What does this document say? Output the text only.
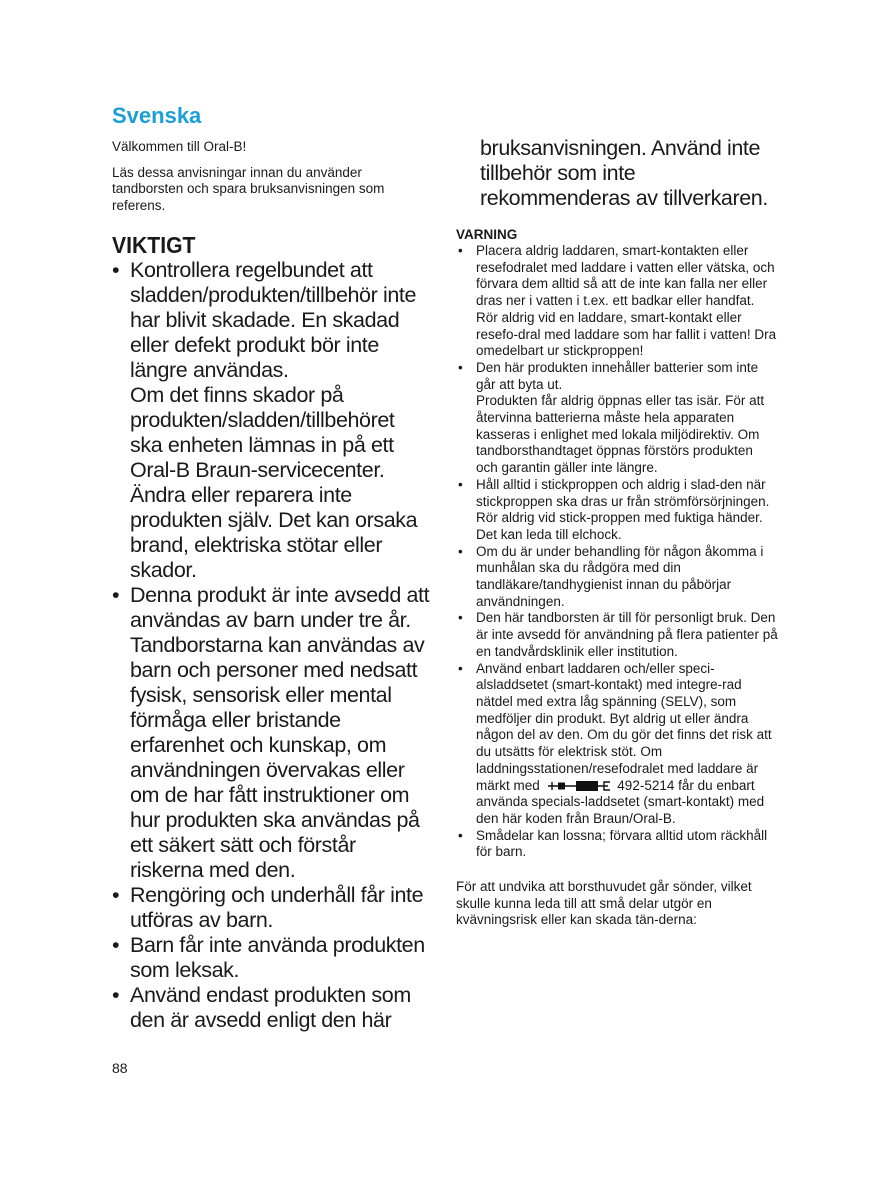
Svenska

Välkommen till Oral-B!

Läs dessa anvisningar innan du använder tandborsten och spara bruksanvisningen som referens.

VIKTIGT
• Kontrollera regelbundet att sladden/produkten/tillbehör inte har blivit skadade. En skadad eller defekt produkt bör inte längre användas.
Om det finns skador på produkten/sladden/tillbehöret ska enheten lämnas in på ett Oral-B Braun-servicecenter. Ändra eller reparera inte produkten själv. Det kan orsaka brand, elektriska stötar eller skador.
• Denna produkt är inte avsedd att användas av barn under tre år. Tandborstarna kan användas av barn och personer med nedsatt fysisk, sensorisk eller mental förmåga eller bristande erfarenhet och kunskap, om användningen övervakas eller om de har fått instruktioner om hur produkten ska användas på ett säkert sätt och förstår riskerna med den.
• Rengöring och underhåll får inte utföras av barn.
• Barn får inte använda produkten som leksak.
• Använd endast produkten som den är avsedd enligt den här

bruksanvisningen. Använd inte tillbehör som inte rekommenderas av tillverkaren.

VARNING
• Placera aldrig laddaren, smart-kontakten eller resefodralet med laddare i vatten eller vätska, och förvara dem alltid så att de inte kan falla ner eller dras ner i vatten i t.ex. ett badkar eller handfat. Rör aldrig vid en laddare, smart-kontakt eller resefo-dral med laddare som har fallit i vatten! Dra omedelbart ur stickproppen!
• Den här produkten innehåller batterier som inte går att byta ut.
Produkten får aldrig öppnas eller tas isär. För att återvinna batterierna måste hela apparaten kasseras i enlighet med lokala miljödirektiv. Om tandborsthandtaget öppnas förstörs produkten och garantin gäller inte längre.
• Håll alltid i stickproppen och aldrig i slad-den när stickproppen ska dras ur från strömförsörjningen. Rör aldrig vid stick-proppen med fuktiga händer. Det kan leda till elchock.
• Om du är under behandling för någon åkomma i munhålan ska du rådgöra med din tandläkare/tandhygienist innan du påbörjar användningen.
• Den här tandborsten är till för personligt bruk. Den är inte avsedd för användning på flera patienter på en tandvårdsklinik eller institution.
• Använd enbart laddaren och/eller speci-alsladdsetet (smart-kontakt) med integre-rad nätdel med extra låg spänning (SELV), som medföljer din produkt. Byt aldrig ut eller ändra någon del av den. Om du gör det finns det risk att du utsätts för elektrisk stöt. Om laddningsstationen/resefodralet med laddare är märkt med	492-5214 får du enbart använda specials-laddsetet (smart-kontakt) med den här koden från Braun/Oral-B.
• Smådelar kan lossna; förvara alltid utom räckhåll för barn.

För att undvika att borsthuvudet går sönder, vilket skulle kunna leda till att små delar utgör en kvävningsrisk eller kan skada tän-derna:

88
